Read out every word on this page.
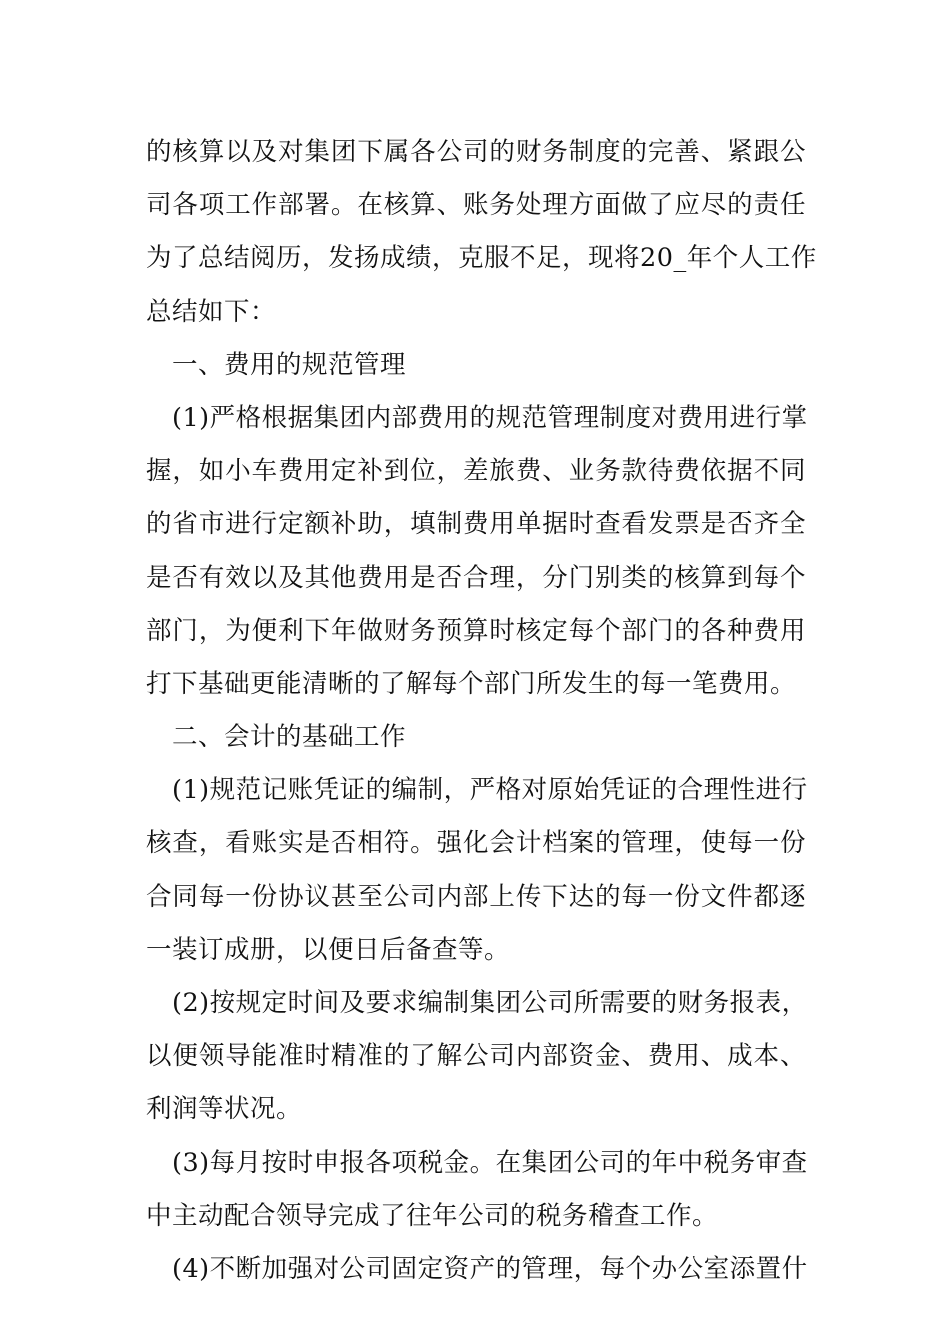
的核算以及对集团下属各公司的财务制度的完善、紧跟公
司各项工作部署。在核算、账务处理方面做了应尽的责任
为了总结阅历，发扬成绩，克服不足，现将20_年个人工作
总结如下：
一、费用的规范管理
(1)严格根据集团内部费用的规范管理制度对费用进行掌
握，如小车费用定补到位，差旅费、业务款待费依据不同
的省市进行定额补助，填制费用单据时查看发票是否齐全
是否有效以及其他费用是否合理，分门别类的核算到每个
部门，为便利下年做财务预算时核定每个部门的各种费用
打下基础更能清晰的了解每个部门所发生的每一笔费用。
二、会计的基础工作
(1)规范记账凭证的编制，严格对原始凭证的合理性进行
核查，看账实是否相符。强化会计档案的管理，使每一份
合同每一份协议甚至公司内部上传下达的每一份文件都逐
一装订成册，以便日后备查等。
(2)按规定时间及要求编制集团公司所需要的财务报表，
以便领导能准时精准的了解公司内部资金、费用、成本、
利润等状况。
(3)每月按时申报各项税金。在集团公司的年中税务审查
中主动配合领导完成了往年公司的税务稽查工作。
(4)不断加强对公司固定资产的管理，每个办公室添置什
